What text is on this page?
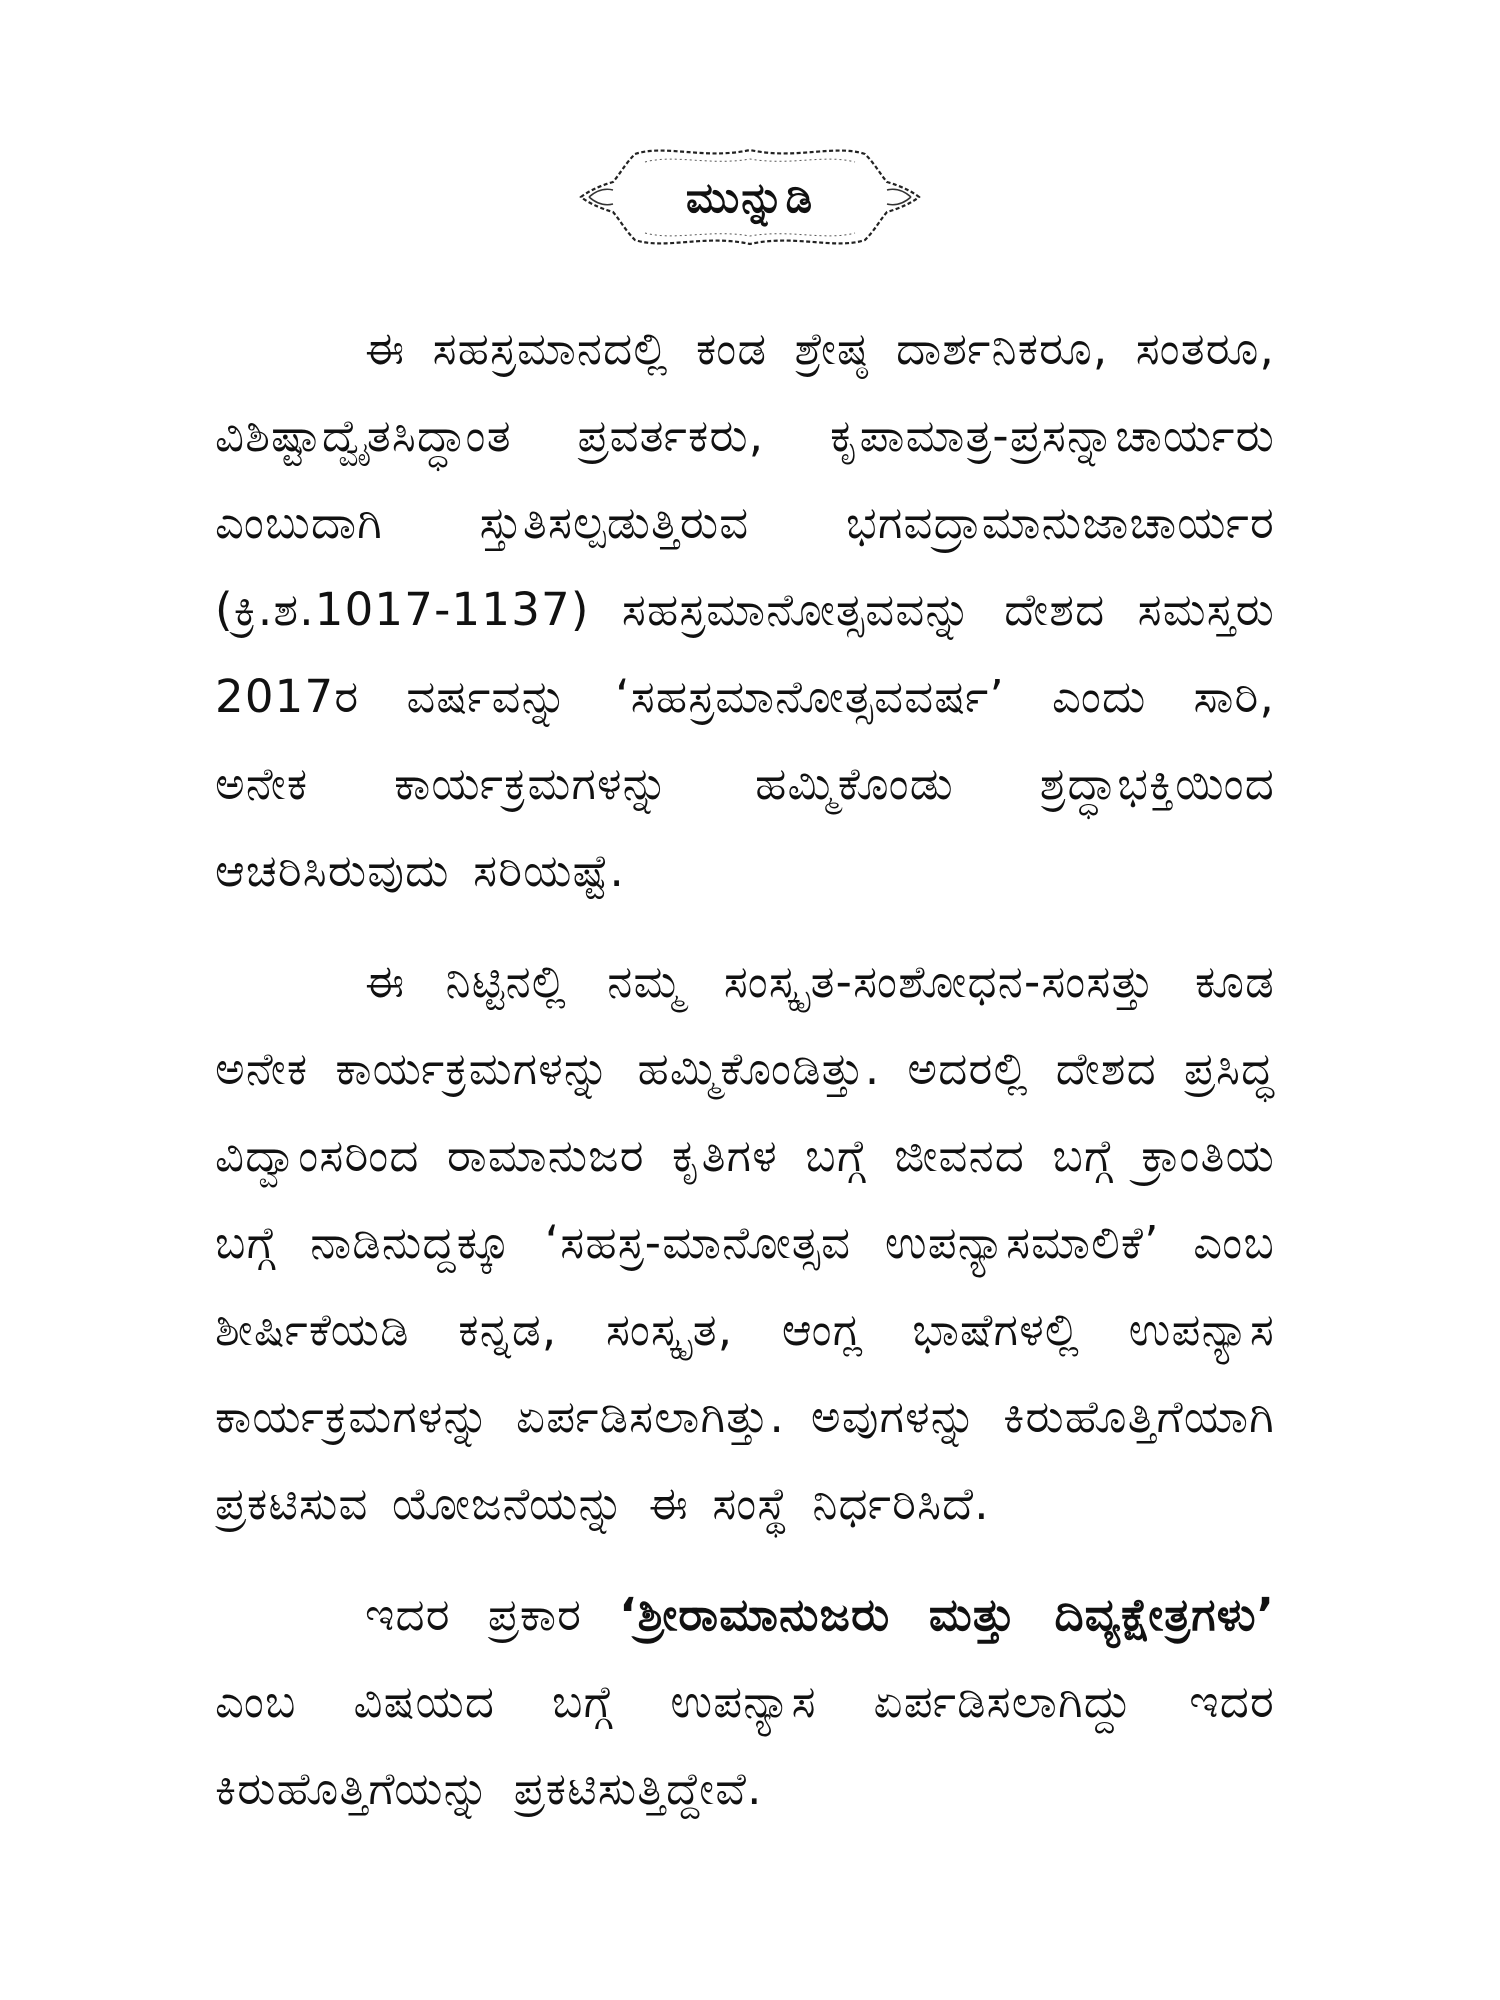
ಮುನ್ನುಡಿ

ಈ ಸಹಸ್ರಮಾನದಲ್ಲಿ ಕಂಡ ಶ್ರೇಷ್ಠ ದಾರ್ಶನಿಕರೂ, ಸಂತರೂ, ವಿಶಿಷ್ಟಾದ್ವೈತಸಿದ್ಧಾಂತ ಪ್ರವರ್ತಕರು, ಕೃಪಾಮಾತ್ರ-ಪ್ರಸನ್ನಾಚಾರ್ಯರು ಎಂಬುದಾಗಿ ಸ್ತುತಿಸಲ್ಪಡುತ್ತಿರುವ ಭಗವದ್ರಾಮಾನುಜಾಚಾರ್ಯರ (ಕ್ರಿ.ಶ.1017-1137) ಸಹಸ್ರಮಾನೋತ್ಸವವನ್ನು ದೇಶದ ಸಮಸ್ತರು 2017ರ ವರ್ಷವನ್ನು ‘ಸಹಸ್ರಮಾನೋತ್ಸವವರ್ಷ’ ಎಂದು ಸಾರಿ, ಅನೇಕ ಕಾರ್ಯಕ್ರಮಗಳನ್ನು ಹಮ್ಮಿಕೊಂಡು ಶ್ರದ್ಧಾಭಕ್ತಿಯಿಂದ ಆಚರಿಸಿರುವುದು ಸರಿಯಷ್ಟೆ.

ಈ ನಿಟ್ಟಿನಲ್ಲಿ ನಮ್ಮ ಸಂಸ್ಕೃತ-ಸಂಶೋಧನ-ಸಂಸತ್ತು ಕೂಡ ಅನೇಕ ಕಾರ್ಯಕ್ರಮಗಳನ್ನು ಹಮ್ಮಿಕೊಂಡಿತ್ತು. ಅದರಲ್ಲಿ ದೇಶದ ಪ್ರಸಿದ್ಧ ವಿದ್ವಾಂಸರಿಂದ ರಾಮಾನುಜರ ಕೃತಿಗಳ ಬಗ್ಗೆ ಜೀವನದ ಬಗ್ಗೆ ಕ್ರಾಂತಿಯ ಬಗ್ಗೆ ನಾಡಿನುದ್ದಕ್ಕೂ ‘ಸಹಸ್ರ-ಮಾನೋತ್ಸವ ಉಪನ್ಯಾಸಮಾಲಿಕೆ’ ಎಂಬ ಶೀರ್ಷಿಕೆಯಡಿ ಕನ್ನಡ, ಸಂಸ್ಕೃತ, ಆಂಗ್ಲ ಭಾಷೆಗಳಲ್ಲಿ ಉಪನ್ಯಾಸ ಕಾರ್ಯಕ್ರಮಗಳನ್ನು ಏರ್ಪಡಿಸಲಾಗಿತ್ತು. ಅವುಗಳನ್ನು ಕಿರುಹೊತ್ತಿಗೆಯಾಗಿ ಪ್ರಕಟಿಸುವ ಯೋಜನೆಯನ್ನು ಈ ಸಂಸ್ಥೆ ನಿರ್ಧರಿಸಿದೆ.

ಇದರ ಪ್ರಕಾರ ‘ಶ್ರೀರಾಮಾನುಜರು ಮತ್ತು ದಿವ್ಯಕ್ಷೇತ್ರಗಳು’ ಎಂಬ ವಿಷಯದ ಬಗ್ಗೆ ಉಪನ್ಯಾಸ ಏರ್ಪಡಿಸಲಾಗಿದ್ದು ಇದರ ಕಿರುಹೊತ್ತಿಗೆಯನ್ನು ಪ್ರಕಟಿಸುತ್ತಿದ್ದೇವೆ.
